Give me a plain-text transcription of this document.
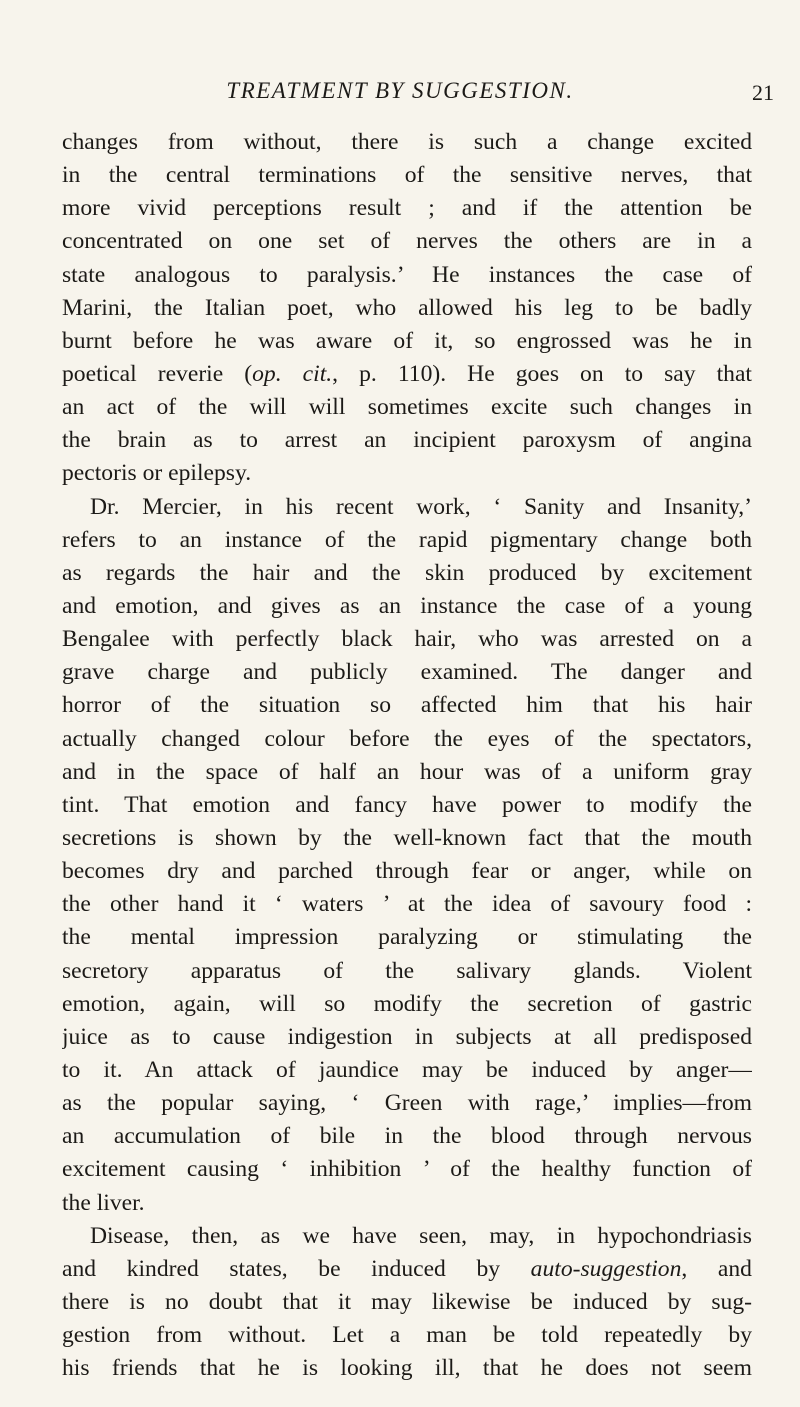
TREATMENT BY SUGGESTION.	21
changes from without, there is such a change excited
in the central terminations of the sensitive nerves, that
more vivid perceptions result ; and if the attention be
concentrated on one set of nerves the others are in a
state analogous to paralysis.’ He instances the case of
Marini, the Italian poet, who allowed his leg to be badly
burnt before he was aware of it, so engrossed was he in
poetical reverie (op. cit., p. 110). He goes on to say that
an act of the will will sometimes excite such changes in
the brain as to arrest an incipient paroxysm of angina
pectoris or epilepsy.
Dr. Mercier, in his recent work, ‘ Sanity and Insanity,’
refers to an instance of the rapid pigmentary change both
as regards the hair and the skin produced by excitement
and emotion, and gives as an instance the case of a young
Bengalee with perfectly black hair, who was arrested on a
grave charge and publicly examined. The danger and
horror of the situation so affected him that his hair
actually changed colour before the eyes of the spectators,
and in the space of half an hour was of a uniform gray
tint. That emotion and fancy have power to modify the
secretions is shown by the well-known fact that the mouth
becomes dry and parched through fear or anger, while on
the other hand it ‘ waters ’ at the idea of savoury food :
the mental impression paralyzing or stimulating the
secretory apparatus of the salivary glands. Violent
emotion, again, will so modify the secretion of gastric
juice as to cause indigestion in subjects at all predisposed
to it. An attack of jaundice may be induced by anger—
as the popular saying, ‘ Green with rage,’ implies—from
an accumulation of bile in the blood through nervous
excitement causing ‘ inhibition ’ of the healthy function of
the liver.
Disease, then, as we have seen, may, in hypochondriasis
and kindred states, be induced by auto-suggestion, and
there is no doubt that it may likewise be induced by sug-
gestion from without. Let a man be told repeatedly by
his friends that he is looking ill, that he does not seem
